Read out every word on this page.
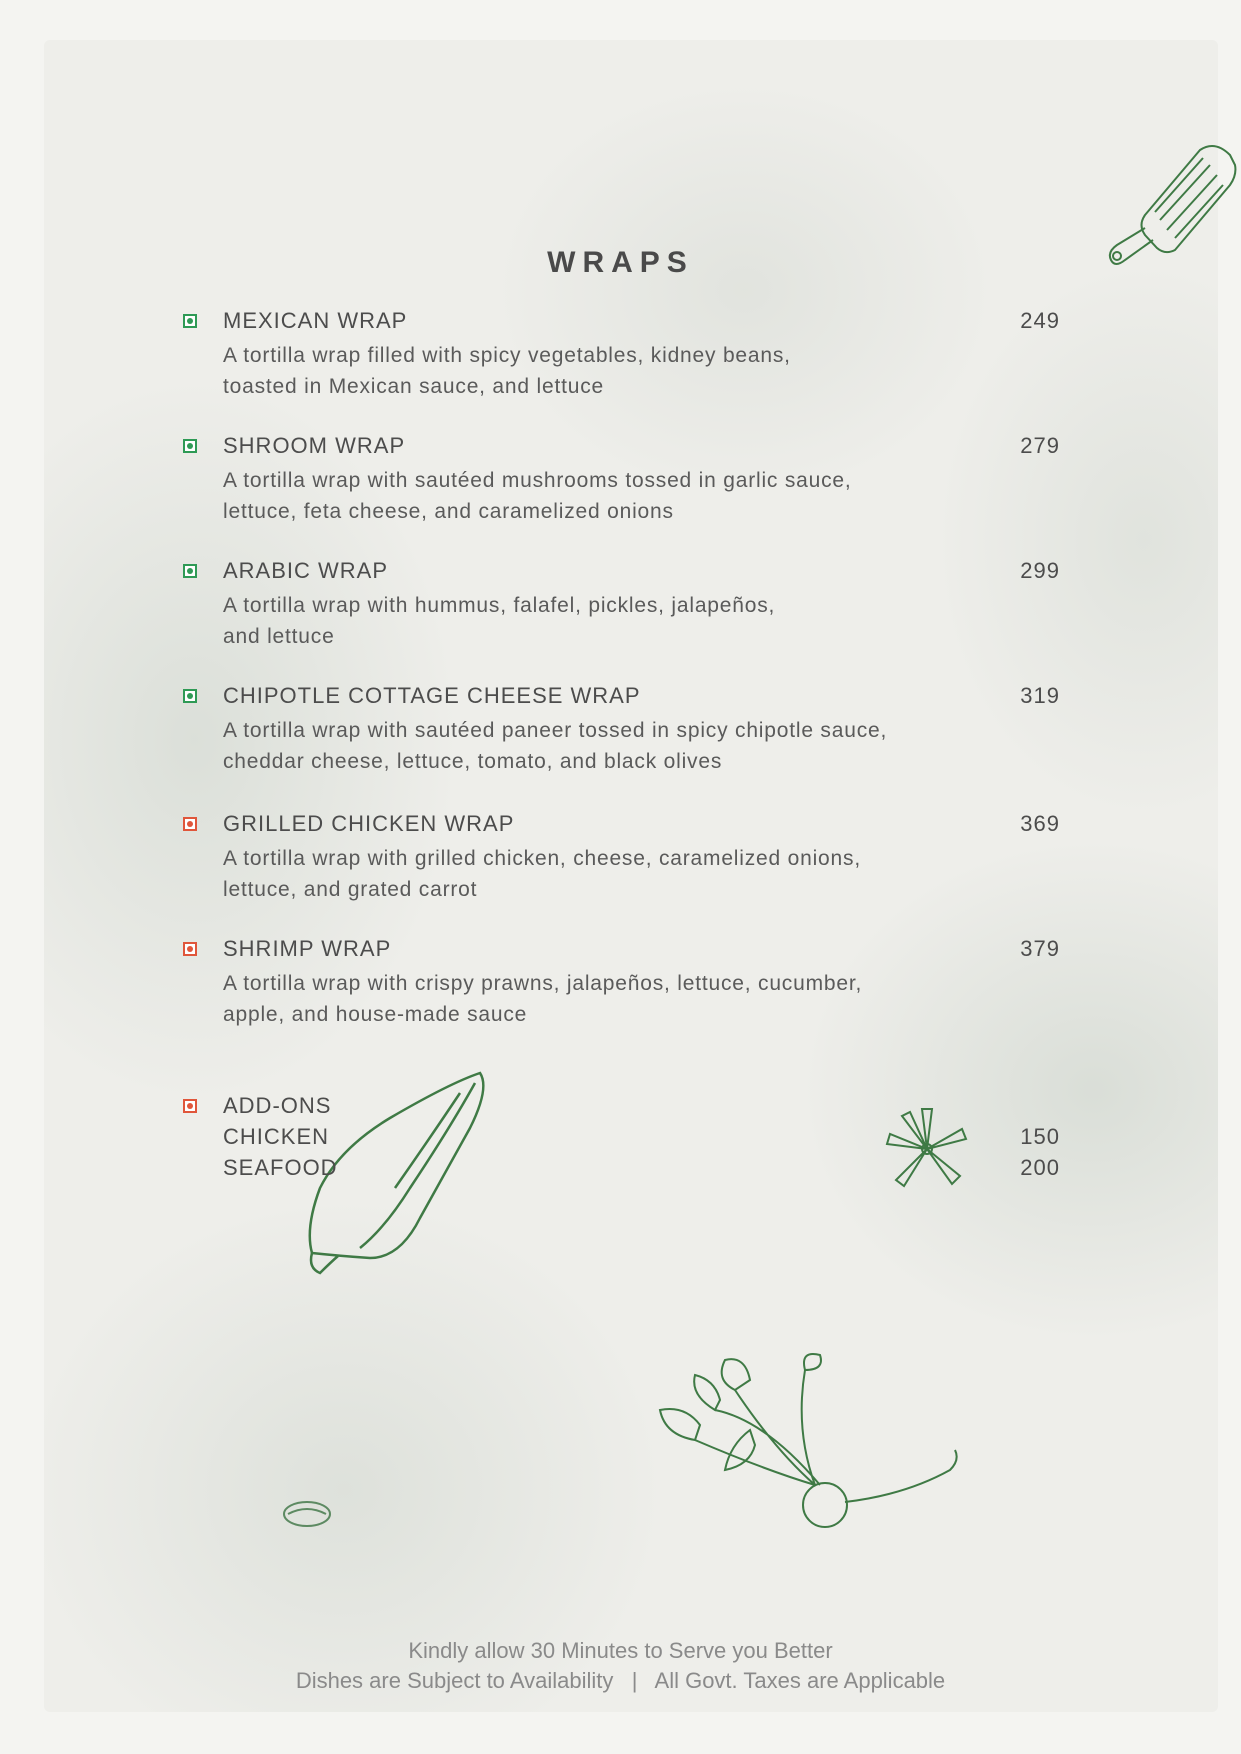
WRAPS
MEXICAN WRAP	249
A tortilla wrap filled with spicy vegetables, kidney beans,
toasted in Mexican sauce, and lettuce
SHROOM WRAP	279
A tortilla wrap with sautéed mushrooms tossed in garlic sauce,
lettuce, feta cheese, and caramelized onions
ARABIC WRAP	299
A tortilla wrap with hummus, falafel, pickles, jalapeños,
and lettuce
CHIPOTLE COTTAGE CHEESE WRAP	319
A tortilla wrap with sautéed paneer tossed in spicy chipotle sauce,
cheddar cheese, lettuce, tomato, and black olives
GRILLED CHICKEN WRAP	369
A tortilla wrap with grilled chicken, cheese, caramelized onions,
lettuce, and grated carrot
SHRIMP WRAP	379
A tortilla wrap with crispy prawns, jalapeños, lettuce, cucumber,
apple, and house-made sauce
ADD-ONS
CHICKEN	150
SEAFOOD	200
Kindly allow 30 Minutes to Serve you Better
Dishes are Subject to Availability   |   All Govt. Taxes are Applicable
